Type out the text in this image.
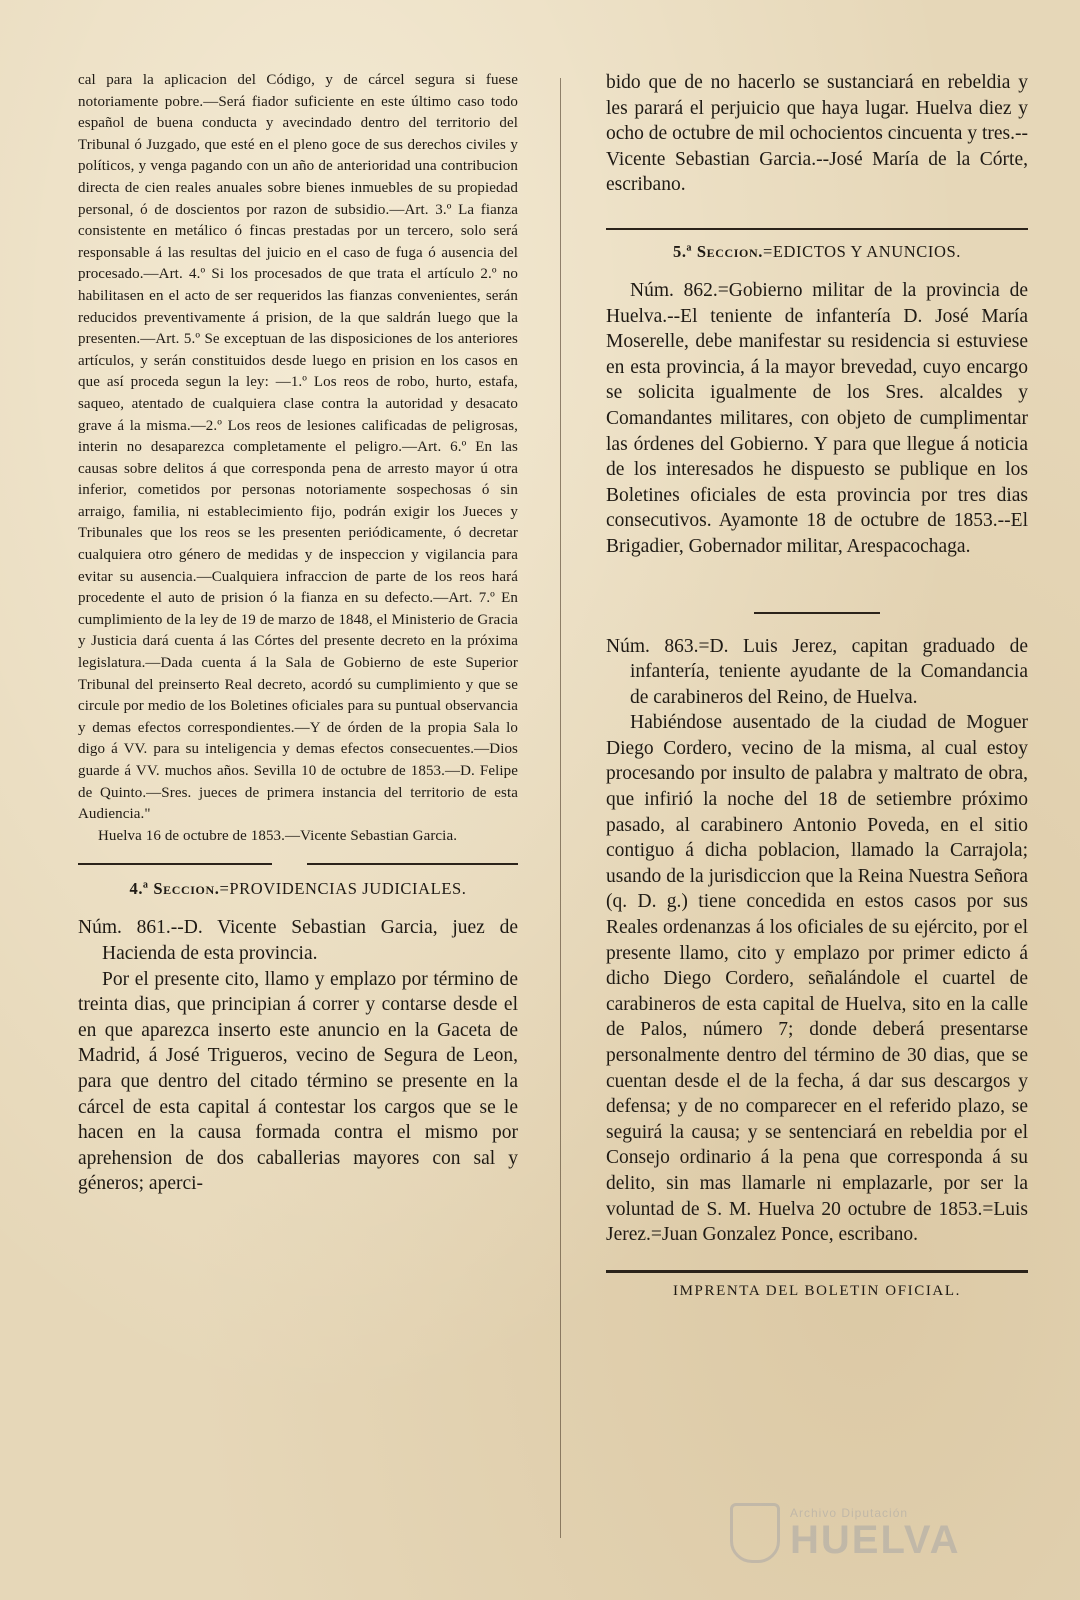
cal para la aplicacion del Código, y de cárcel segura si fuese notoriamente pobre.—Será fiador suficiente en este último caso todo español de buena conducta y avecindado dentro del territorio del Tribunal ó Juzgado, que esté en el pleno goce de sus derechos civiles y políticos, y venga pagando con un año de anterioridad una contribucion directa de cien reales anuales sobre bienes inmuebles de su propiedad personal, ó de doscientos por razon de subsidio.—Art. 3.º La fianza consistente en metálico ó fincas prestadas por un tercero, solo será responsable á las resultas del juicio en el caso de fuga ó ausencia del procesado.—Art. 4.º Si los procesados de que trata el artículo 2.º no habilitasen en el acto de ser requeridos las fianzas convenientes, serán reducidos preventivamente á prision, de la que saldrán luego que la presenten.—Art. 5.º Se exceptuan de las disposiciones de los anteriores artículos, y serán constituidos desde luego en prision en los casos en que así proceda segun la ley: —1.º Los reos de robo, hurto, estafa, saqueo, atentado de cualquiera clase contra la autoridad y desacato grave á la misma.—2.º Los reos de lesiones calificadas de peligrosas, interin no desaparezca completamente el peligro.—Art. 6.º En las causas sobre delitos á que corresponda pena de arresto mayor ú otra inferior, cometidos por personas notoriamente sospechosas ó sin arraigo, familia, ni establecimiento fijo, podrán exigir los Jueces y Tribunales que los reos se les presenten periódicamente, ó decretar cualquiera otro género de medidas y de inspeccion y vigilancia para evitar su ausencia.—Cualquiera infraccion de parte de los reos hará procedente el auto de prision ó la fianza en su defecto.—Art. 7.º En cumplimiento de la ley de 19 de marzo de 1848, el Ministerio de Gracia y Justicia dará cuenta á las Córtes del presente decreto en la próxima legislatura.—Dada cuenta á la Sala de Gobierno de este Superior Tribunal del preinserto Real decreto, acordó su cumplimiento y que se circule por medio de los Boletines oficiales para su puntual observancia y demas efectos correspondientes.—Y de órden de la propia Sala lo digo á VV. para su inteligencia y demas efectos consecuentes.—Dios guarde á VV. muchos años. Sevilla 10 de octubre de 1853.—D. Felipe de Quinto.—Sres. jueces de primera instancia del territorio de esta Audiencia."

Huelva 16 de octubre de 1853.—Vicente Sebastian Garcia.

4.ª Seccion.=PROVIDENCIAS JUDICIALES.

Núm. 861.--D. Vicente Sebastian Garcia, juez de Hacienda de esta provincia.

Por el presente cito, llamo y emplazo por término de treinta dias, que principian á correr y contarse desde el en que aparezca inserto este anuncio en la Gaceta de Madrid, á José Trigueros, vecino de Segura de Leon, para que dentro del citado término se presente en la cárcel de esta capital á contestar los cargos que se le hacen en la causa formada contra el mismo por aprehension de dos caballerias mayores con sal y géneros; aperci-

bido que de no hacerlo se sustanciará en rebeldia y les parará el perjuicio que haya lugar. Huelva diez y ocho de octubre de mil ochocientos cincuenta y tres.--Vicente Sebastian Garcia.--José María de la Córte, escribano.

5.ª Seccion.=EDICTOS Y ANUNCIOS.

Núm. 862.=Gobierno militar de la provincia de Huelva.--El teniente de infantería D. José María Moserelle, debe manifestar su residencia si estuviese en esta provincia, á la mayor brevedad, cuyo encargo se solicita igualmente de los Sres. alcaldes y Comandantes militares, con objeto de cumplimentar las órdenes del Gobierno. Y para que llegue á noticia de los interesados he dispuesto se publique en los Boletines oficiales de esta provincia por tres dias consecutivos. Ayamonte 18 de octubre de 1853.--El Brigadier, Gobernador militar, Arespacochaga.

Núm. 863.=D. Luis Jerez, capitan graduado de infantería, teniente ayudante de la Comandancia de carabineros del Reino, de Huelva.

Habiéndose ausentado de la ciudad de Moguer Diego Cordero, vecino de la misma, al cual estoy procesando por insulto de palabra y maltrato de obra, que infirió la noche del 18 de setiembre próximo pasado, al carabinero Antonio Poveda, en el sitio contiguo á dicha poblacion, llamado la Carrajola; usando de la jurisdiccion que la Reina Nuestra Señora (q. D. g.) tiene concedida en estos casos por sus Reales ordenanzas á los oficiales de su ejército, por el presente llamo, cito y emplazo por primer edicto á dicho Diego Cordero, señalándole el cuartel de carabineros de esta capital de Huelva, sito en la calle de Palos, número 7; donde deberá presentarse personalmente dentro del término de 30 dias, que se cuentan desde el de la fecha, á dar sus descargos y defensa; y de no comparecer en el referido plazo, se seguirá la causa; y se sentenciará en rebeldia por el Consejo ordinario á la pena que corresponda á su delito, sin mas llamarle ni emplazarle, por ser la voluntad de S. M. Huelva 20 octubre de 1853.=Luis Jerez.=Juan Gonzalez Ponce, escribano.

IMPRENTA DEL BOLETIN OFICIAL.
Archivo Diputación
HUELVA
